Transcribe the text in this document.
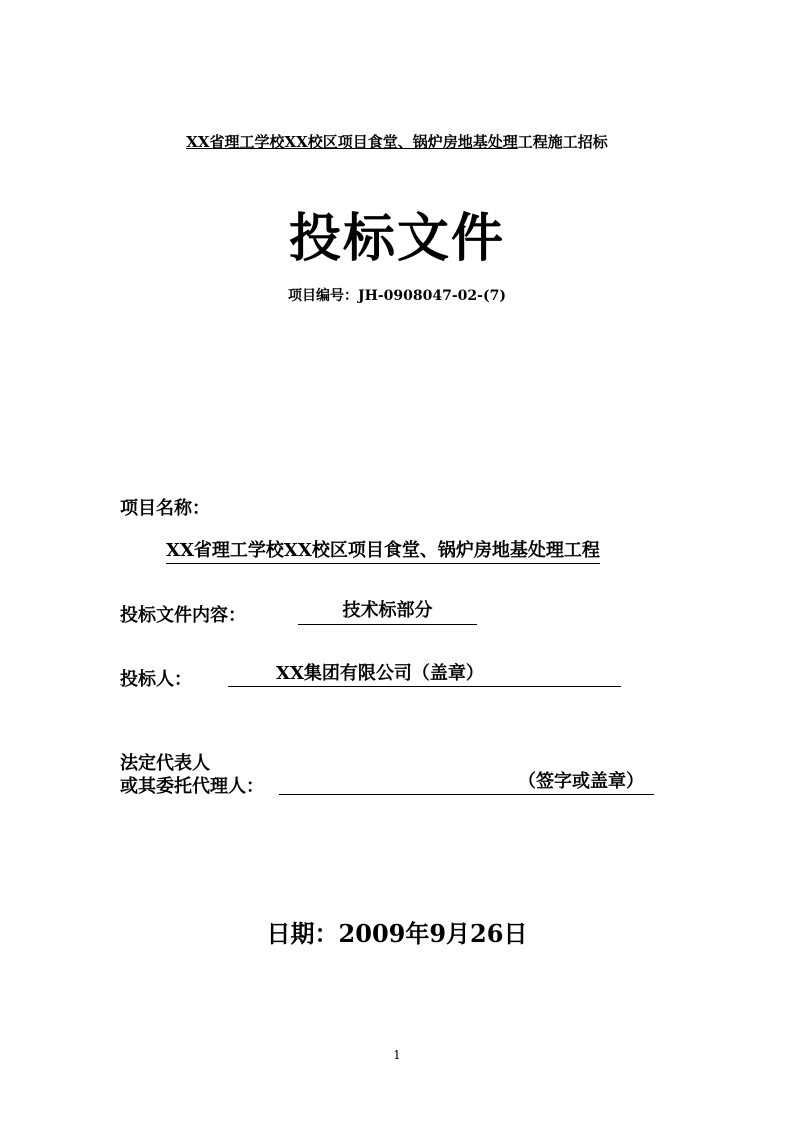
XX省理工学校XX校区项目食堂、锅炉房地基处理工程施工招标
投标文件
项目编号：JH-0908047-02-(7)
项目名称：
XX省理工学校XX校区项目食堂、锅炉房地基处理工程
投标文件内容：	技术标部分
投标人：	XX集团有限公司（盖章）
法定代表人
或其委托代理人：	（签字或盖章）
日期：2009年9月26日
1
